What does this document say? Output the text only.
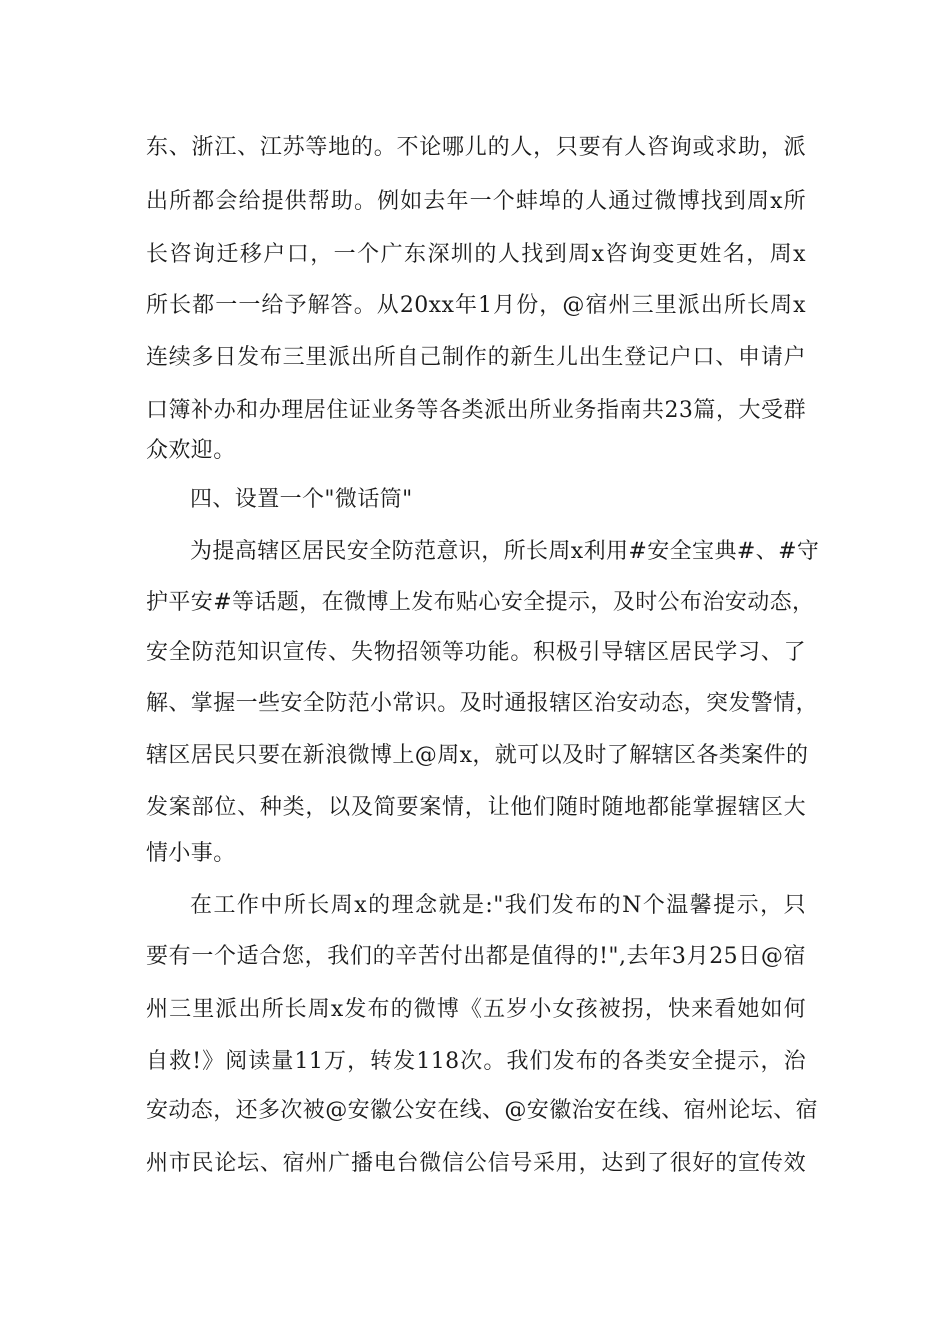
东、浙江、江苏等地的。不论哪儿的人，只要有人咨询或求助，派
出所都会给提供帮助。例如去年一个蚌埠的人通过微博找到周x所
长咨询迁移户口，一个广东深圳的人找到周x咨询变更姓名，周x
所长都一一给予解答。从20xx年1月份，@宿州三里派出所长周x
连续多日发布三里派出所自己制作的新生儿出生登记户口、申请户
口簿补办和办理居住证业务等各类派出所业务指南共23篇，大受群
众欢迎。
四、设置一个"微话筒"
为提高辖区居民安全防范意识，所长周x利用#安全宝典#、#守
护平安#等话题，在微博上发布贴心安全提示，及时公布治安动态，
安全防范知识宣传、失物招领等功能。积极引导辖区居民学习、了
解、掌握一些安全防范小常识。及时通报辖区治安动态，突发警情，
辖区居民只要在新浪微博上@周x，就可以及时了解辖区各类案件的
发案部位、种类，以及简要案情，让他们随时随地都能掌握辖区大
情小事。
在工作中所长周x的理念就是:"我们发布的N个温馨提示，只
要有一个适合您，我们的辛苦付出都是值得的!",去年3月25日@宿
州三里派出所长周x发布的微博《五岁小女孩被拐，快来看她如何
自救!》阅读量11万，转发118次。我们发布的各类安全提示，治
安动态，还多次被@安徽公安在线、@安徽治安在线、宿州论坛、宿
州市民论坛、宿州广播电台微信公信号采用，达到了很好的宣传效
